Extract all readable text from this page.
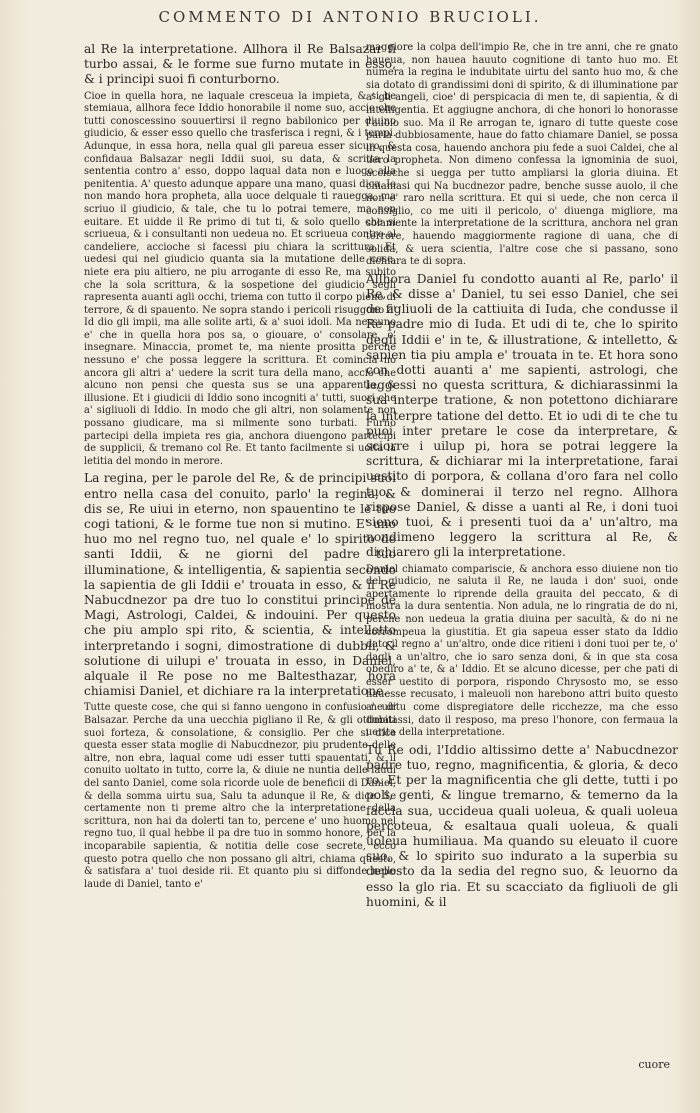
COMMENTO DI ANTONIO BRUCIOLI.

al Re la interpretatione. Allhora il Re Balsazar fi turbo assai, & le forme sue furno mutate in esso, & i principi suoi fi conturborno.

Cioe in quella hora, ne laquale cresceua la impieta, & si be stemiaua, allhora fece Iddio honorabile il nome suo, accio che tutti conoscessino souuertirsi il regno babilonico per diuino giudicio, & esser esso quello che trasferisca i regni, & i tempi. Adunque, in essa hora, nella qual gli pareua esser sicuro, & confidaua Balsazar negli Iddii suoi, su data, & scritta la sententia contro a' esso, doppo laqual data non e luogo alla penitentia. A' questo adunque appare una mano, quasi dica. Io non mando hora propheta, alla uoce delquale ti rauegga, ma scriuo il giudicio, & tale, che tu lo potrai temere, ma non euitare. Et uidde il Re primo di tut ti, & solo quello che si scriueua, & i consultanti non uedeua no. Et scriueua contro al candeliere, accioche si facessi piu chiara la scrittura. Et uedesi qui nel giudicio quanta sia la mutatione delle cose, niete era piu altiero, ne piu arrogante di esso Re, ma subito che la sola scrittura, & la sospetione del giudicio segli rapresenta auanti agli occhi, triema con tutto il corpo pieno di terrore, & di spauento. Ne sopra stando i pericoli risuggono a' Id dio gli impii, ma alle solite arti, & a' suoi idoli. Ma nessuno e' che in quella hora pos sa, o giouare, o' consolare, o' insegnare. Minaccia, promet te, ma niente prositta perche nessuno e' che possa leggere la scrittura. Et comincia no ancora gli altri a' uedere la scrit tura della mano, accio che alcuno non pensi che questa sus se una apparentia, & illusione. Et i giudicii di Iddio sono incogniti a' tutti, suori che a' sigliuoli di Iddio. In modo che gli altri, non solamente non possano giudicare, ma si milmente sono turbati. Furno partecipi della impieta res gia, anchora diuengono partecipi de supplicii, & tremano col Re. Et tanto facilmente si uolta la letitia del mondo in merore.

La regina, per le parole del Re, & de principi suoi entro nella casa del conuito, parlo' la regina, & dis se, Re uiui in eterno, non spauentino te le tue cogi tationi, & le forme tue non si mutino. E' uno huo mo nel regno tuo, nel quale e' lo spirito de santi Iddii, & ne giorni del padre tuo illuminatione, & intelligentia, & sapientia secondo la sapientia de gli Iddii e' trouata in esso, & il Re Nabucdnezor pa dre tuo lo constitui principe de Magi, Astrologi, Caldei, & indouini. Per questo che piu amplo spi rito, & scientia, & intelletto interpretando i sogni, dimostratione di dubbii, & solutione di uilupi e' trouata in esso, in Daniel, alquale il Re pose no me Baltesthazar, hora chiamisi Daniel, et dichiare ra la interpretatione.

Tutte queste cose, che qui si fanno uengono in confusio ne di Balsazar. Perche da una uecchia pigliano il Re, & gli ottimati suoi forteza, & consolatione, & consiglio. Per che si dice questa esser stata moglie di Nabucdnezor, piu prudente delle altre, non ebra, laqual come udi esser tutti spauentati, & il conuito uoltato in tutto, corre la, & diuie ne nuntia delle laudi del santo Daniel, come sola ricorde uole de beneficii di Daniel, & della somma uirtu sua, Salu ta adunque il Re, & dice. Se certamente non ti preme altro che la interpretatione della scrittura, non hai da dolerti tan to, percene e' uno huomo nel regno tuo, il qual hebbe il pa dre tuo in sommo honore, per la incoparabile sapientia, & notitia delle cose secrete, ecco questo potra quello che non possano gli altri, chiama questo, & satisfara a' tuoi deside rii. Et quanto piu si diffonde nelle laude di Daniel, tanto e'

maggiore la colpa dell'impio Re, che in tre anni, che re gnato haueua, non hauea hauuto cognitione di tanto huo mo. Et numera la regina le indubitate uirtu del santo huo mo, & che sia dotato di grandissimi doni di spirito, & di illuminatione par a' gli angeli, cioe' di perspicacia di men te, di sapientia, & di intelligentia. Et aggiugne anchora, di che honori lo honorasse l'auolo suo. Ma il Re arrogan te, ignaro di tutte queste cose parla dubbiosamente, haue do fatto chiamare Daniel, se possa in questa cosa, hauendo anchora piu fede a suoi Caldei, che al uero propheta. Non dimeno confessa la ignominia de suoi, accioche si uegga per tutto ampliarsi la gloria diuina. Et chiamasi qui Na bucdnezor padre, benche susse auolo, il che non e' raro nella scrittura. Et qui si uede, che non cerca il consiglio, co me uiti il pericolo, o' diuenga migliore, ma solamente la interpretatione de la scrittura, anchora nel gran terrore, hauendo maggiormente ragione di uana, che di solida, & uera scientia, l'altre cose che si passano, sono dichiara te di sopra.

Allhora Daniel fu condotto auanti al Re, parlo' il Re, & disse a' Daniel, tu sei esso Daniel, che sei de figliuoli de la cattiuita di Iuda, che condusse il Re padre mio di Iuda. Et udi di te, che lo spirito degli Iddii e' in te, & illustratione, & intelletto, & sapien tia piu ampla e' trouata in te. Et hora sono con dotti auanti a' me sapienti, astrologi, che leggessi no questa scrittura, & dichiarassinmi la sua interpe tratione, & non potettono dichiarare la interpre tatione del detto. Et io udi di te che tu puoi inter pretare le cose da interpretare, & sciorre i uilup pi, hora se potrai leggere la scrittura, & dichiarar mi la interpretatione, farai uestito di porpora, & collana d'oro fara nel collo tuo, & dominerai il terzo nel regno. Allhora rispose Daniel, & disse a uanti al Re, i doni tuoi sieno tuoi, & i presenti tuoi da a' un'altro, ma nondimeno leggero la scrittura al Re, & dichiarero gli la interpretatione.

Daniel chiamato compariscie, & anchora esso diuiene non tio del giudicio, ne saluta il Re, ne lauda i don' suoi, onde apertamente lo riprende della grauita del peccato, & di mostra la dura sententia. Non adula, ne lo ringratia de do ni, perche non uedeua la gratia diuina per sacultà, & do ni ne corrompeua la giustitia. Et gia sapeua esser stato da Iddio dato il regno a' un'altro, onde dice ritieni i doni tuoi per te, o' dagli a un'altro, che io saro senza doni, & in que sta cosa obediro a' te, & a' Iddio. Et se alcuno dicesse, per che pati di esser uestito di porpora, rispondo Chrysosto mo, se esso hauesse recusato, i maleuoli non harebono attri buito questo a' uirtu come dispregiatore delle ricchezze, ma che esso dubitassi, dato il resposo, ma preso l'honore, con fermaua la uerita della interpretatione.

Tu Re odi, l'Iddio altissimo dette a' Nabucdnezor padre tuo, regno, magnificentia, & gloria, & deco ro. Et per la magnificentia che gli dette, tutti i po poli, genti, & lingue tremarno, & temerno da la faccia sua, uccideua quali uoleua, & quali uoleua percoteua, & esaltaua quali uoleua, & quali uoleua humiliaua. Ma quando su eleuato il cuore suo, & lo spirito suo indurato a la superbia su deposto da la sedia del regno suo, & leuorno da esso la glo ria. Et su scacciato da figliuoli de gli huomini, & il

cuore
